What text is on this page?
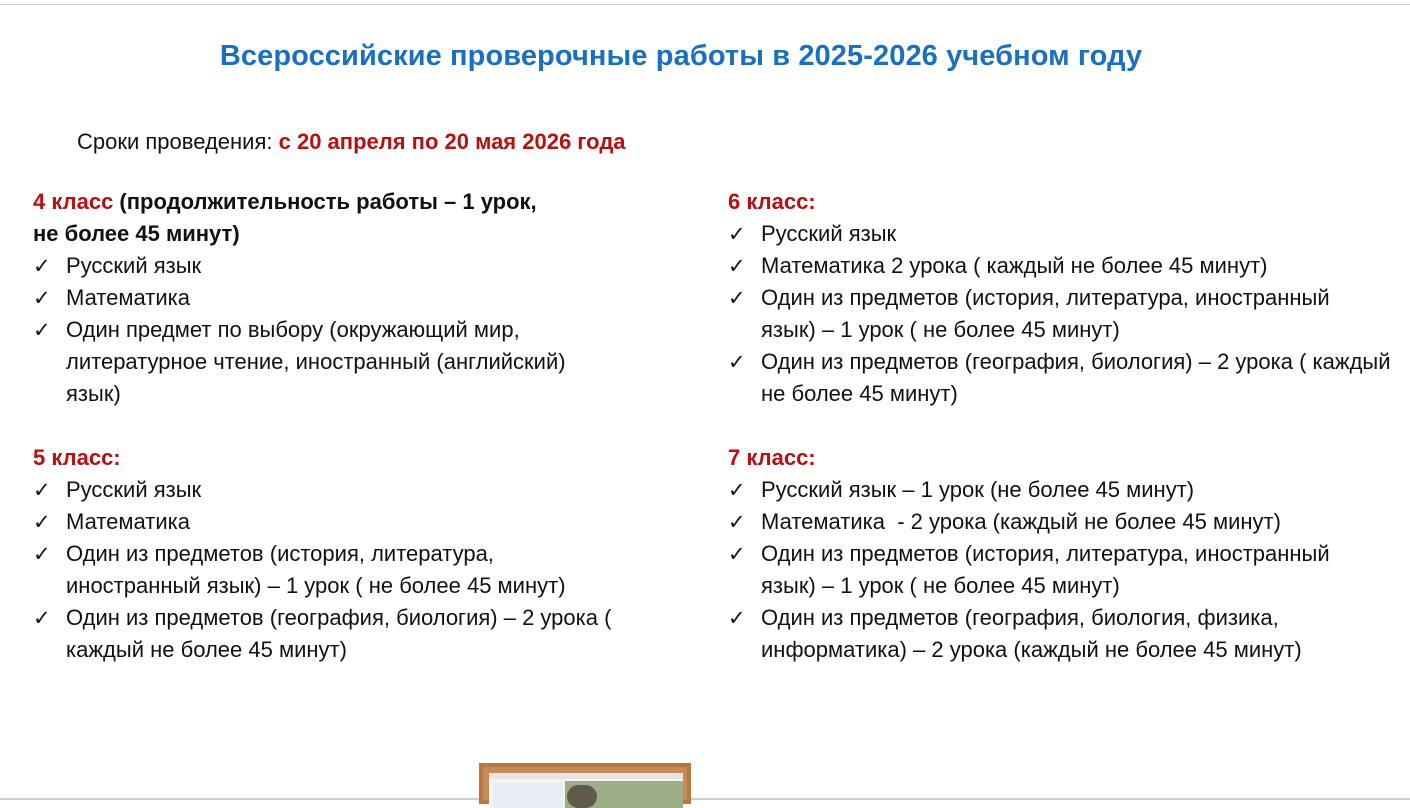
Всероссийские проверочные работы в 2025-2026 учебном году
Сроки проведения: с 20 апреля по 20 мая 2026 года
4 класс (продолжительность работы – 1 урок,
не более 45 минут)
✓ Русский язык
✓ Математика
✓ Один предмет по выбору (окружающий мир, литературное чтение, иностранный (английский) язык)
5 класс:
✓ Русский язык
✓ Математика
✓ Один из предметов (история, литература, иностранный язык) – 1 урок ( не более 45 минут)
✓ Один из предметов (география, биология) – 2 урока ( каждый не более 45 минут)
6 класс:
✓ Русский язык
✓ Математика 2 урока ( каждый не более 45 минут)
✓ Один из предметов (история, литература, иностранный язык) – 1 урок ( не более 45 минут)
✓ Один из предметов (география, биология) – 2 урока ( каждый не более 45 минут)
7 класс:
✓ Русский язык – 1 урок (не более 45 минут)
✓ Математика  - 2 урока (каждый не более 45 минут)
✓ Один из предметов (история, литература, иностранный язык) – 1 урок ( не более 45 минут)
✓ Один из предметов (география, биология, физика, информатика) – 2 урока (каждый не более 45 минут)
